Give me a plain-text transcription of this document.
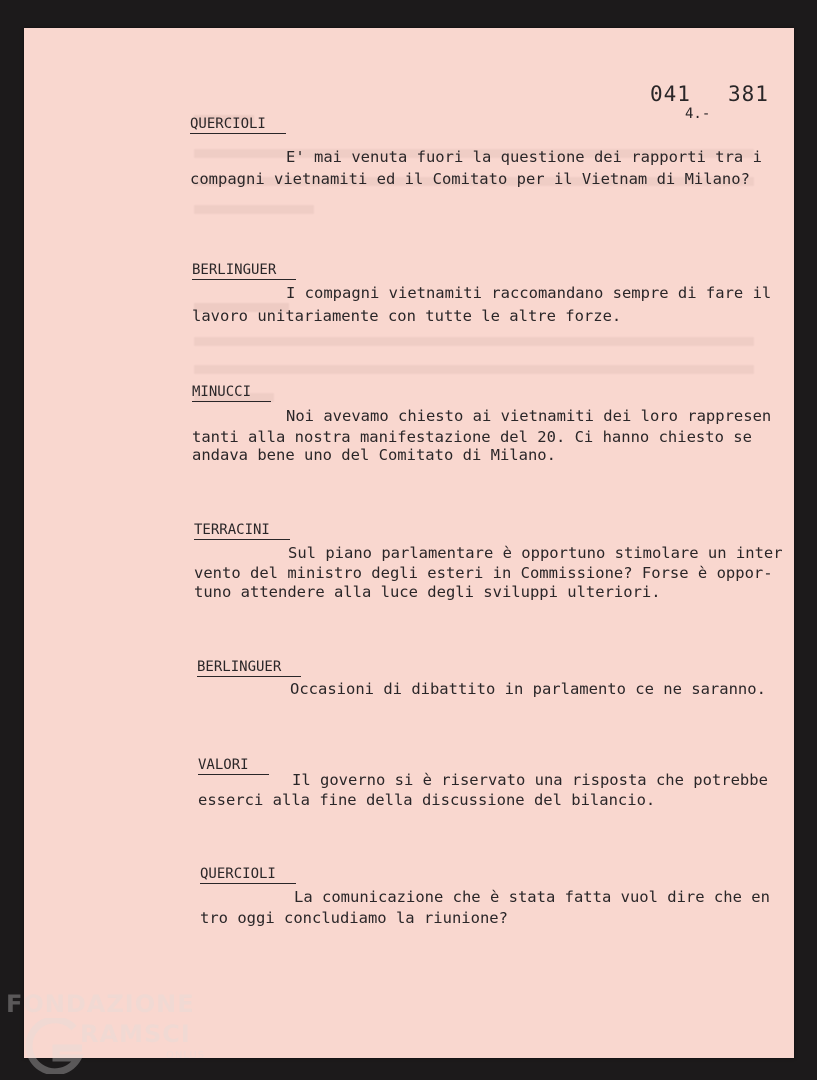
041 381
4.-
QUERCIOLI
E' mai venuta fuori la questione dei rapporti tra i
compagni vietnamiti ed il Comitato per il Vietnam di Milano?
BERLINGUER
I compagni vietnamiti raccomandano sempre di fare il
lavoro unitariamente con tutte le altre forze.
MINUCCI
Noi avevamo chiesto ai vietnamiti dei loro rappresen
tanti alla nostra manifestazione del 20. Ci hanno chiesto se
andava bene uno del Comitato di Milano.
TERRACINI
Sul piano parlamentare è opportuno stimolare un inter
vento del ministro degli esteri in Commissione? Forse è oppor-
tuno attendere alla luce degli sviluppi ulteriori.
BERLINGUER
Occasioni di dibattito in parlamento ce ne saranno.
VALORI
Il governo si è riservato una risposta che potrebbe
esserci alla fine della discussione del bilancio.
QUERCIOLI
La comunicazione che è stata fatta vuol dire che en
tro oggi concludiamo la riunione?
FONDAZIONE
RAMSCI
ONLUS
